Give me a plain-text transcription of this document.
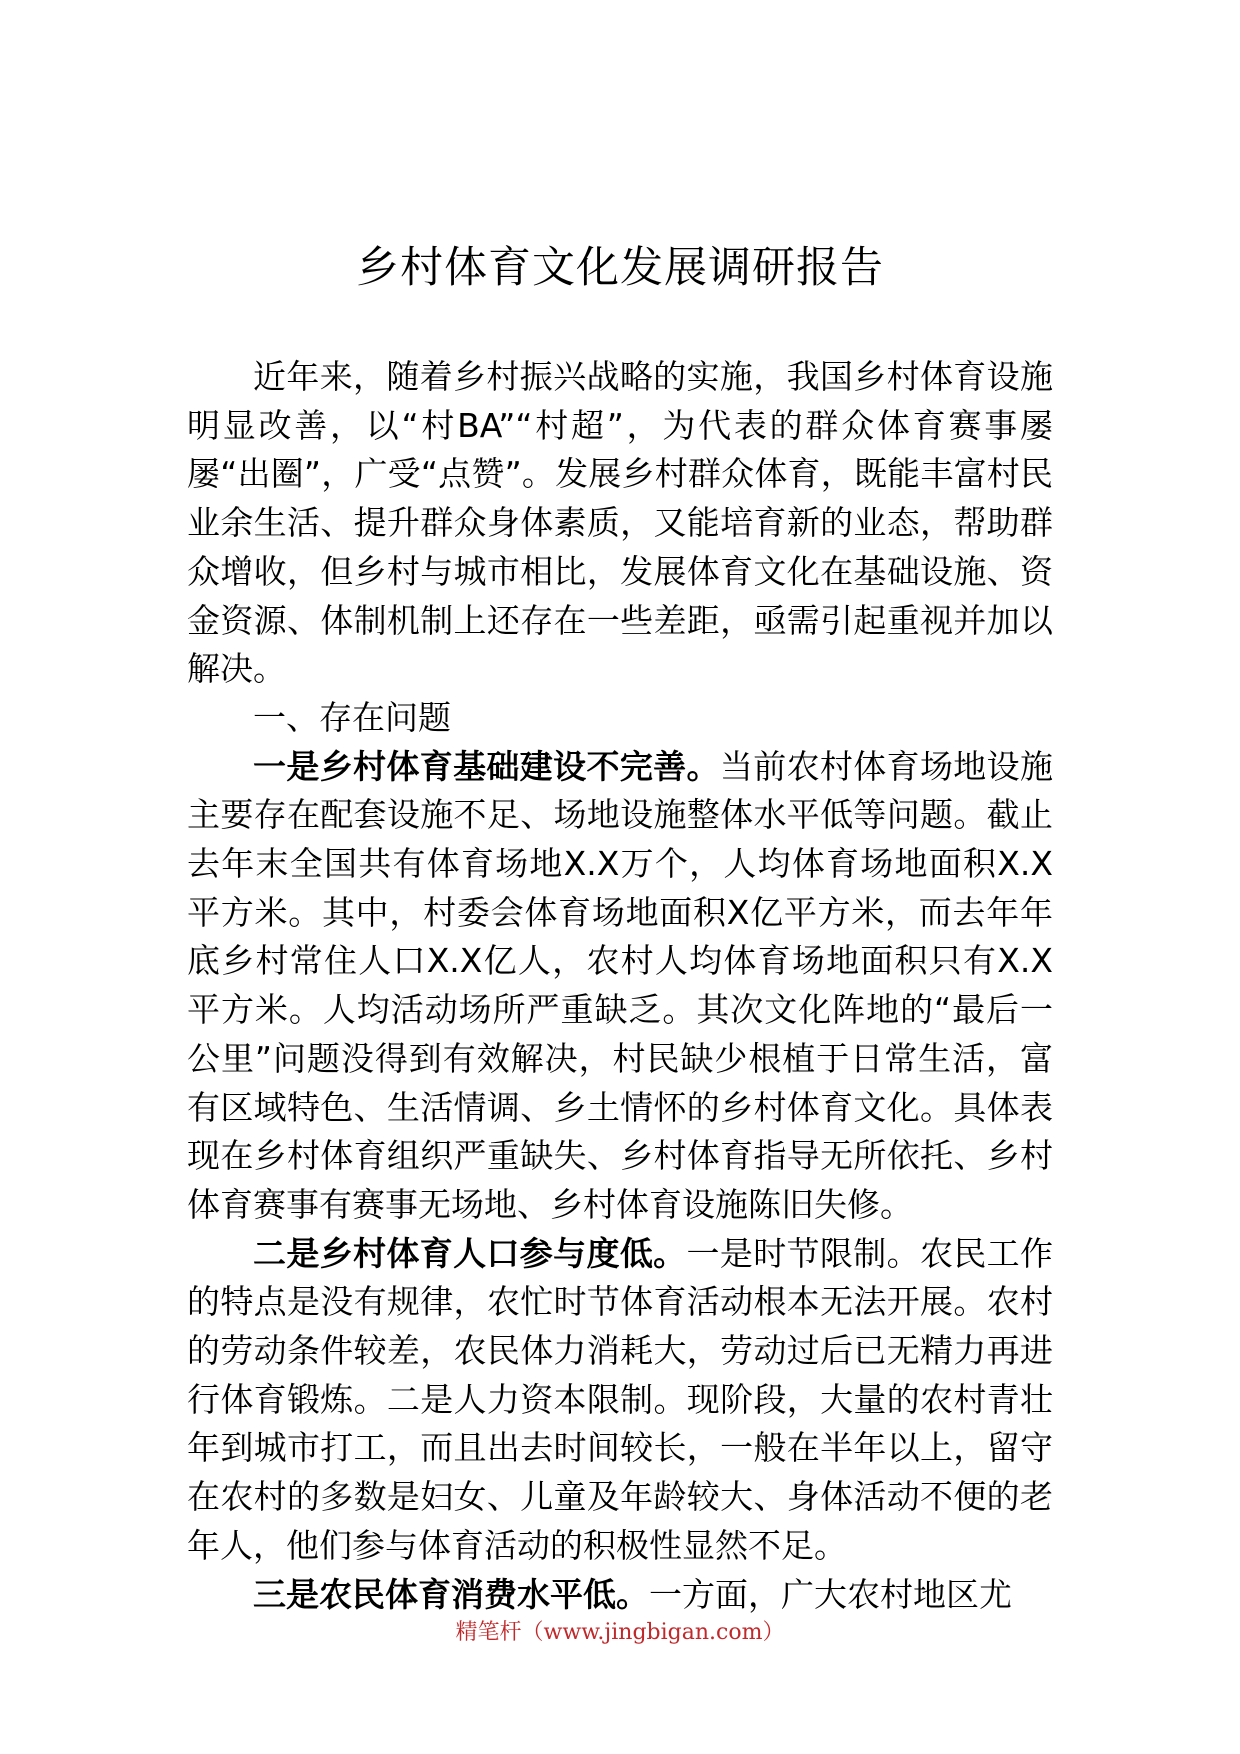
乡村体育文化发展调研报告

近年来，随着乡村振兴战略的实施，我国乡村体育设施明显改善，以“村BA”“村超”，为代表的群众体育赛事屡屡“出圈”，广受“点赞”。发展乡村群众体育，既能丰富村民业余生活、提升群众身体素质，又能培育新的业态，帮助群众增收，但乡村与城市相比，发展体育文化在基础设施、资金资源、体制机制上还存在一些差距，亟需引起重视并加以解决。

一、存在问题

一是乡村体育基础建设不完善。当前农村体育场地设施主要存在配套设施不足、场地设施整体水平低等问题。截止去年末全国共有体育场地X.X万个，人均体育场地面积X.X平方米。其中，村委会体育场地面积X亿平方米，而去年年底乡村常住人口X.X亿人，农村人均体育场地面积只有X.X平方米。人均活动场所严重缺乏。其次文化阵地的“最后一公里”问题没得到有效解决，村民缺少根植于日常生活，富有区域特色、生活情调、乡土情怀的乡村体育文化。具体表现在乡村体育组织严重缺失、乡村体育指导无所依托、乡村体育赛事有赛事无场地、乡村体育设施陈旧失修。

二是乡村体育人口参与度低。一是时节限制。农民工作的特点是没有规律，农忙时节体育活动根本无法开展。农村的劳动条件较差，农民体力消耗大，劳动过后已无精力再进行体育锻炼。二是人力资本限制。现阶段，大量的农村青壮年到城市打工，而且出去时间较长，一般在半年以上，留守在农村的多数是妇女、儿童及年龄较大、身体活动不便的老年人，他们参与体育活动的积极性显然不足。

三是农民体育消费水平低。一方面，广大农村地区尤

精笔杆（www.jingbigan.com）
